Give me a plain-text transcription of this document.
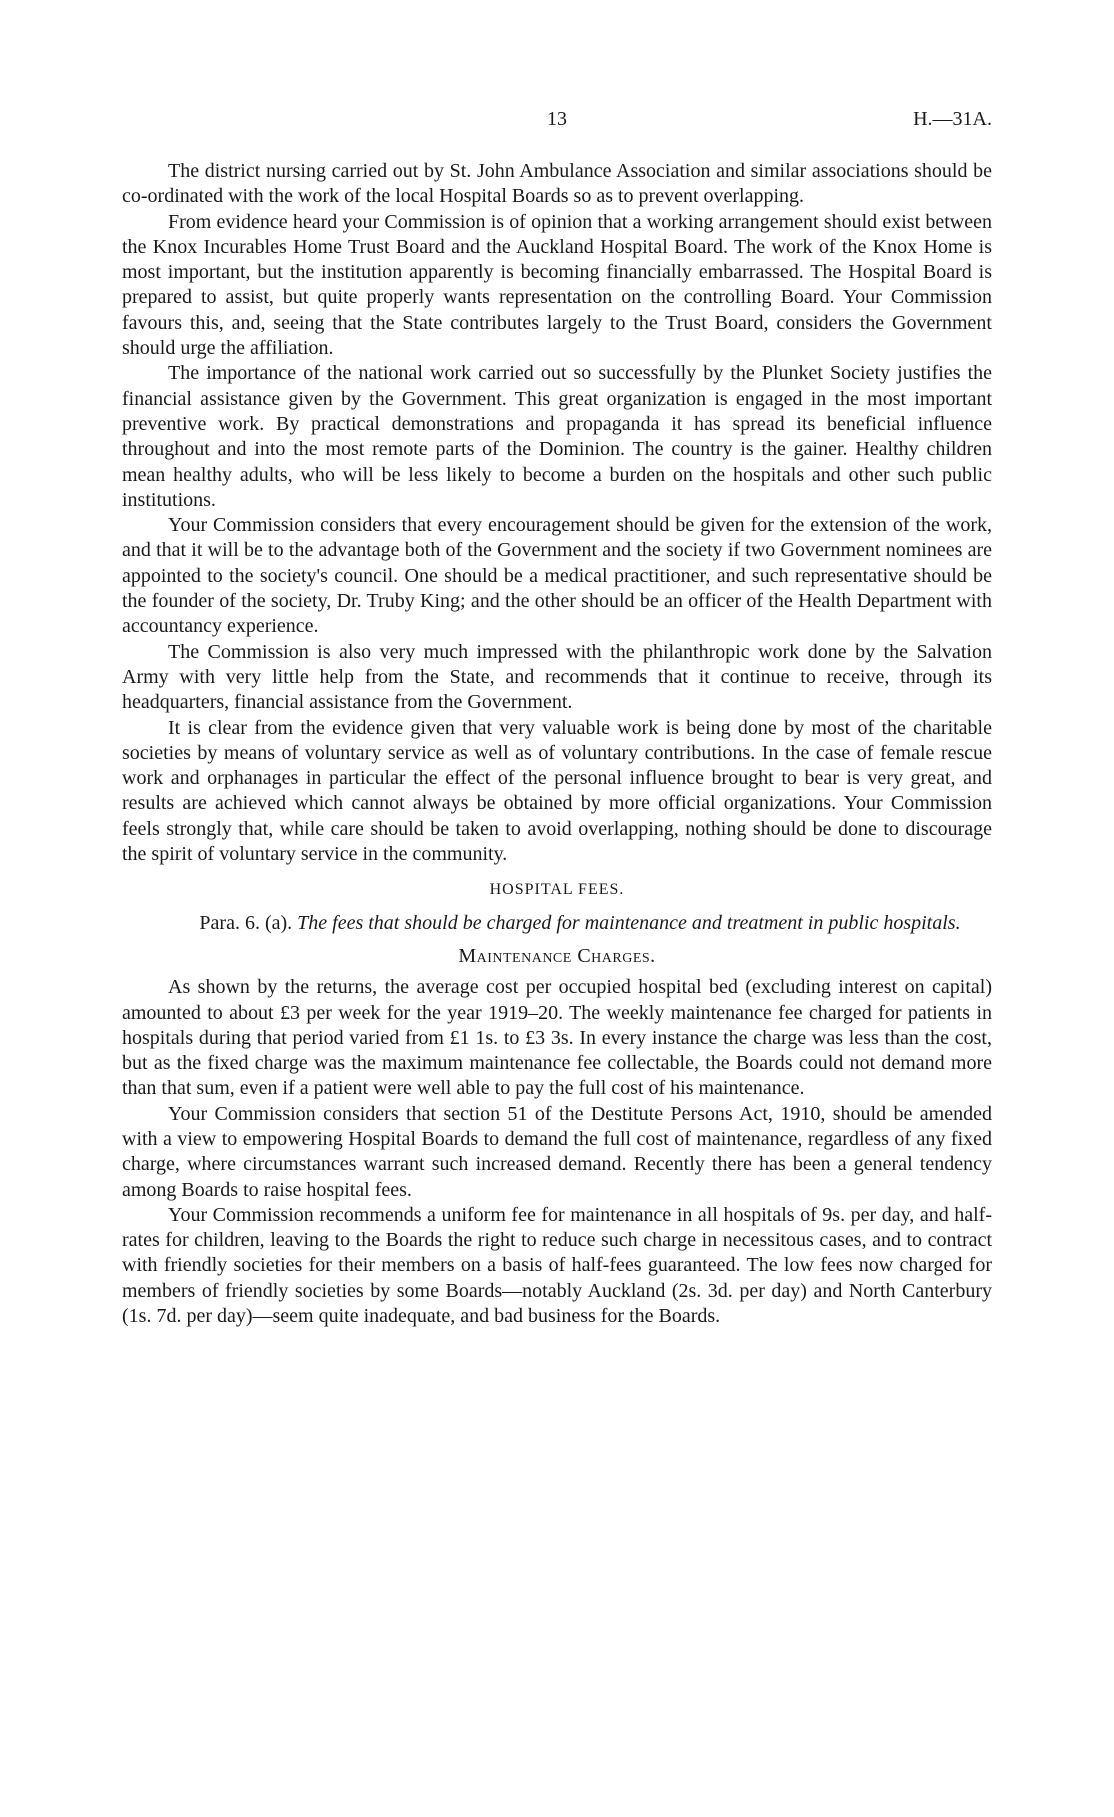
13	H.—31A.

The district nursing carried out by St. John Ambulance Association and similar associations should be co-ordinated with the work of the local Hospital Boards so as to prevent overlapping.

From evidence heard your Commission is of opinion that a working arrangement should exist between the Knox Incurables Home Trust Board and the Auckland Hospital Board. The work of the Knox Home is most important, but the institution apparently is becoming financially embarrassed. The Hospital Board is prepared to assist, but quite properly wants representation on the controlling Board. Your Commission favours this, and, seeing that the State contributes largely to the Trust Board, considers the Government should urge the affiliation.

The importance of the national work carried out so successfully by the Plunket Society justifies the financial assistance given by the Government. This great organization is engaged in the most important preventive work. By practical demonstrations and propaganda it has spread its beneficial influence throughout and into the most remote parts of the Dominion. The country is the gainer. Healthy children mean healthy adults, who will be less likely to become a burden on the hospitals and other such public institutions.

Your Commission considers that every encouragement should be given for the extension of the work, and that it will be to the advantage both of the Government and the society if two Government nominees are appointed to the society's council. One should be a medical practitioner, and such representative should be the founder of the society, Dr. Truby King; and the other should be an officer of the Health Department with accountancy experience.

The Commission is also very much impressed with the philanthropic work done by the Salvation Army with very little help from the State, and recommends that it continue to receive, through its headquarters, financial assistance from the Government.

It is clear from the evidence given that very valuable work is being done by most of the charitable societies by means of voluntary service as well as of voluntary contributions. In the case of female rescue work and orphanages in particular the effect of the personal influence brought to bear is very great, and results are achieved which cannot always be obtained by more official organizations. Your Commission feels strongly that, while care should be taken to avoid overlapping, nothing should be done to discourage the spirit of voluntary service in the community.

HOSPITAL FEES.

Para. 6. (a). The fees that should be charged for maintenance and treatment in public hospitals.

Maintenance Charges.

As shown by the returns, the average cost per occupied hospital bed (excluding interest on capital) amounted to about £3 per week for the year 1919–20. The weekly maintenance fee charged for patients in hospitals during that period varied from £1 1s. to £3 3s. In every instance the charge was less than the cost, but as the fixed charge was the maximum maintenance fee collectable, the Boards could not demand more than that sum, even if a patient were well able to pay the full cost of his maintenance.

Your Commission considers that section 51 of the Destitute Persons Act, 1910, should be amended with a view to empowering Hospital Boards to demand the full cost of maintenance, regardless of any fixed charge, where circumstances warrant such increased demand. Recently there has been a general tendency among Boards to raise hospital fees.

Your Commission recommends a uniform fee for maintenance in all hospitals of 9s. per day, and half-rates for children, leaving to the Boards the right to reduce such charge in necessitous cases, and to contract with friendly societies for their members on a basis of half-fees guaranteed. The low fees now charged for members of friendly societies by some Boards—notably Auckland (2s. 3d. per day) and North Canterbury (1s. 7d. per day)—seem quite inadequate, and bad business for the Boards.
